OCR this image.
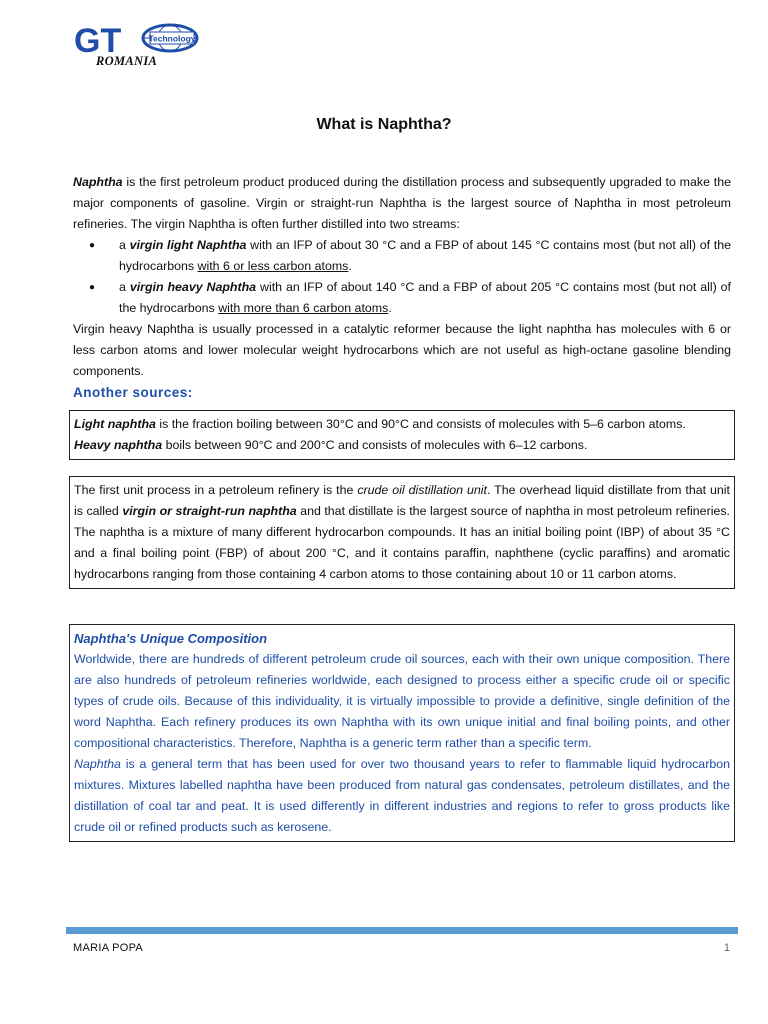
GT	Technology
ROMANIA
What is Naphtha?

Naphtha is the first petroleum product produced during the distillation process and subsequently upgraded to make the major components of gasoline. Virgin or straight-run Naphtha is the largest source of Naphtha in most petroleum refineries. The virgin Naphtha is often further distilled into two streams:

● a virgin light Naphtha with an IFP of about 30 °C and a FBP of about 145 °C contains most (but not all) of the hydrocarbons with 6 or less carbon atoms.
● a virgin heavy Naphtha with an IFP of about 140 °C and a FBP of about 205 °C contains most (but not all) of the hydrocarbons with more than 6 carbon atoms.

Virgin heavy Naphtha is usually processed in a catalytic reformer because the light naphtha has molecules with 6 or less carbon atoms and lower molecular weight hydrocarbons which are not useful as high-octane gasoline blending components.

Another sources:

Light naphtha is the fraction boiling between 30°C and 90°C and consists of molecules with 5–6 carbon atoms.

Heavy naphtha boils between 90°C and 200°C and consists of molecules with 6–12 carbons.

The first unit process in a petroleum refinery is the crude oil distillation unit. The overhead liquid distillate from that unit is called virgin or straight-run naphtha and that distillate is the largest source of naphtha in most petroleum refineries. The naphtha is a mixture of many different hydrocarbon compounds. It has an initial boiling point (IBP) of about 35 °C and a final boiling point (FBP) of about 200 °C, and it contains paraffin, naphthene (cyclic paraffins) and aromatic hydrocarbons ranging from those containing 4 carbon atoms to those containing about 10 or 11 carbon atoms.

Naphtha's Unique Composition

Worldwide, there are hundreds of different petroleum crude oil sources, each with their own unique composition. There are also hundreds of petroleum refineries worldwide, each designed to process either a specific crude oil or specific types of crude oils. Because of this individuality, it is virtually impossible to provide a definitive, single definition of the word Naphtha. Each refinery produces its own Naphtha with its own unique initial and final boiling points, and other compositional characteristics. Therefore, Naphtha is a generic term rather than a specific term.

Naphtha is a general term that has been used for over two thousand years to refer to flammable liquid hydrocarbon mixtures. Mixtures labelled naphtha have been produced from natural gas condensates, petroleum distillates, and the distillation of coal tar and peat. It is used differently in different industries and regions to refer to gross products like crude oil or refined products such as kerosene.

MARIA POPA	1
